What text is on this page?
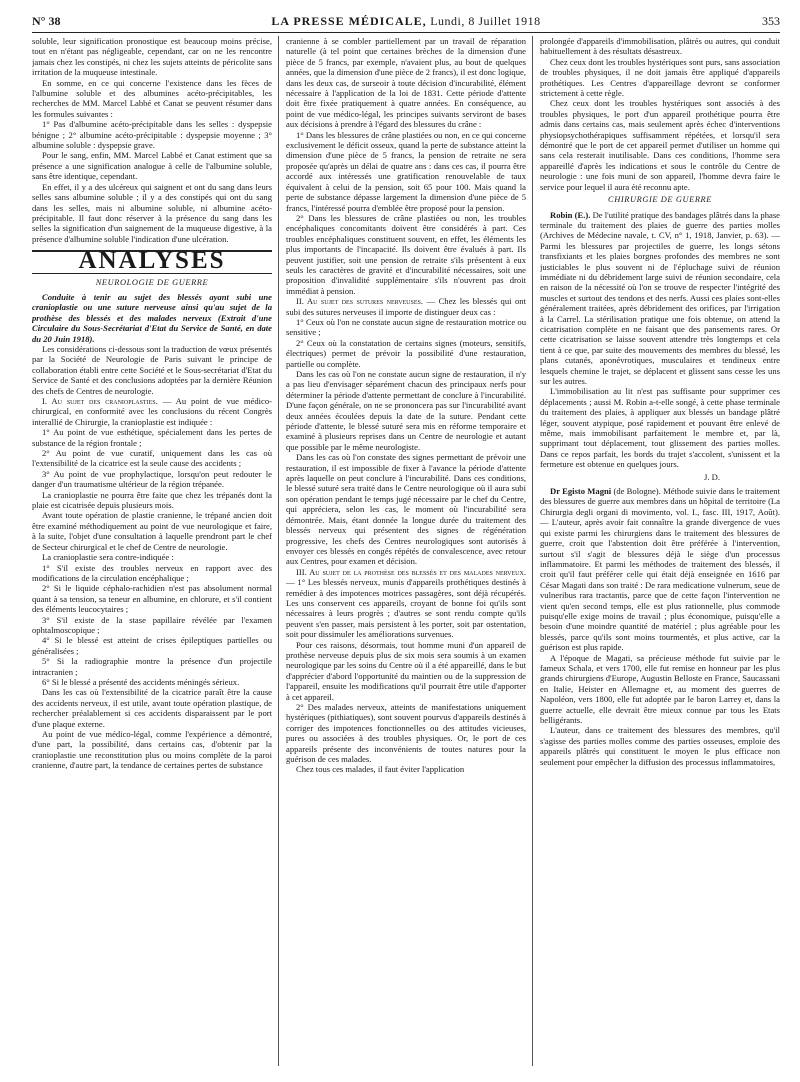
N° 38	LA PRESSE MÉDICALE, Lundi, 8 Juillet 1918	353

soluble, leur signification pronostique est beaucoup moins précise, tout en n'étant pas négligeable, cependant, car on ne les rencontre jamais chez les constipés, ni chez les sujets atteints de péricolite sans irritation de la muqueuse intestinale.

En somme, en ce qui concerne l'existence dans les fèces de l'albumine soluble et des albumines acéto-précipitables, les recherches de MM. Marcel Labbé et Canat se peuvent résumer dans les formules suivantes :

1° Pas d'albumine acéto-précipitable dans les selles : dyspepsie bénigne ; 2° albumine acéto-précipitable : dyspepsie moyenne ; 3° albumine soluble : dyspepsie grave.

Pour le sang, enfin, MM. Marcel Labbé et Canat estiment que sa présence a une signification analogue à celle de l'albumine soluble, sans être identique, cependant.

En effet, il y a des ulcéreux qui saignent et ont du sang dans leurs selles sans albumine soluble ; il y a des constipés qui ont du sang dans les selles, mais ni albumine soluble, ni albumine acéto-précipitable. Il faut donc réserver à la présence du sang dans les selles la signification d'un saignement de la muqueuse digestive, à la présence d'albumine soluble l'indication d'une ulcération.

ANALYSES
NEUROLOGIE DE GUERRE

Conduite à tenir au sujet des blessés ayant subi une cranioplastie ou une suture nerveuse ainsi qu'au sujet de la prothèse des blessés et des malades nerveux (Extrait d'une Circulaire du Sous-Secrétariat d'Etat du Service de Santé, en date du 20 Juin 1918).

Les considérations ci-dessous sont la traduction de vœux présentés par la Société de Neurologie de Paris suivant le principe de collaboration établi entre cette Société et le Sous-secrétariat d'Etat du Service de Santé et des conclusions adoptées par la dernière Réunion des chefs de Centres de neurologie.

I. Au sujet des cranioplasties. — Au point de vue médico-chirurgical, en conformité avec les conclusions du récent Congrès interallié de Chirurgie, la cranioplastie est indiquée :

1° Au point de vue esthétique, spécialement dans les pertes de substance de la région frontale ;

2° Au point de vue curatif, uniquement dans les cas où l'extensibilité de la cicatrice est la seule cause des accidents ;

3° Au point de vue prophylactique, lorsqu'on peut redouter le danger d'un traumatisme ultérieur de la région trépanée.

La cranioplastie ne pourra être faite que chez les trépanés dont la plaie est cicatrisée depuis plusieurs mois.

Avant toute opération de plastie cranienne, le trépané ancien doit être examiné méthodiquement au point de vue neurologique et faire, à la suite, l'objet d'une consultation à laquelle prendront part le chef de Secteur chirurgical et le chef de Centre de neurologie.

La cranioplastie sera contre-indiquée :

1° S'il existe des troubles nerveux en rapport avec des modifications de la circulation encéphalique ;

2° Si le liquide céphalo-rachidien n'est pas absolument normal quant à sa tension, sa teneur en albumine, en chlorure, et s'il contient des éléments leucocytaires ;

3° S'il existe de la stase papillaire révélée par l'examen ophtalmoscopique ;

4° Si le blessé est atteint de crises épileptiques partielles ou généralisées ;

5° Si la radiographie montre la présence d'un projectile intracranien ;

6° Si le blessé a présenté des accidents méningés sérieux.

Dans les cas où l'extensibilité de la cicatrice paraît être la cause des accidents nerveux, il est utile, avant toute opération plastique, de rechercher préalablement si ces accidents disparaissent par le port d'une plaque externe.

Au point de vue médico-légal, comme l'expérience a démontré, d'une part, la possibilité, dans certains cas, d'obtenir par la cranioplastie une reconstitution plus ou moins complète de la paroi cranienne, d'autre part, la tendance de certaines pertes de substance

cranienne à se combler partiellement par un travail de réparation naturelle (à tel point que certaines brèches de la dimension d'une pièce de 5 francs, par exemple, n'avaient plus, au bout de quelques années, que la dimension d'une pièce de 2 francs), il est donc logique, dans les deux cas, de surseoir à toute décision d'incurabilité, élément nécessaire à l'application de la loi de 1831. Cette période d'attente doit être fixée pratiquement à quatre années. En conséquence, au point de vue médico-légal, les principes suivants serviront de bases aux décisions à prendre à l'égard des blessures du crâne :

1° Dans les blessures de crâne plastiées ou non, en ce qui concerne exclusivement le déficit osseux, quand la perte de substance atteint la dimension d'une pièce de 5 francs, la pension de retraite ne sera proposée qu'après un délai de quatre ans : dans ces cas, il pourra être accordé aux intéressés une gratification renouvelable de taux équivalent à celui de la pension, soit 65 pour 100. Mais quand la perte de substance dépasse largement la dimension d'une pièce de 5 francs, l'intéressé pourra d'emblée être proposé pour la pension.

2° Dans les blessures de crâne plastiées ou non, les troubles encéphaliques concomitants doivent être considérés à part. Ces troubles encéphaliques constituent souvent, en effet, les éléments les plus importants de l'incapacité. Ils doivent être évalués à part. Ils peuvent justifier, soit une pension de retraite s'ils présentent à eux seuls les caractères de gravité et d'incurabilité nécessaires, soit une proposition d'invalidité supplémentaire s'ils n'ouvrent pas droit immédiat à pension.

II. Au sujet des sutures nerveuses. — Chez les blessés qui ont subi des sutures nerveuses il importe de distinguer deux cas :

1° Ceux où l'on ne constate aucun signe de restauration motrice ou sensitive ;

2° Ceux où la constatation de certains signes (moteurs, sensitifs, électriques) permet de prévoir la possibilité d'une restauration, partielle ou complète.

Dans les cas où l'on ne constate aucun signe de restauration, il n'y a pas lieu d'envisager séparément chacun des principaux nerfs pour déterminer la période d'attente permettant de conclure à l'incurabilité. D'une façon générale, on ne se prononcera pas sur l'incurabilité avant deux années écoulées depuis la date de la suture. Pendant cette période d'attente, le blessé suturé sera mis en réforme temporaire et examiné à plusieurs reprises dans un Centre de neurologie et autant que possible par le même neurologiste.

Dans les cas où l'on constate des signes permettant de prévoir une restauration, il est impossible de fixer à l'avance la période d'attente après laquelle on peut conclure à l'incurabilité. Dans ces conditions, le blessé suturé sera traité dans le Centre neurologique où il aura subi son opération pendant le temps jugé nécessaire par le chef du Centre, qui appréciera, selon les cas, le moment où l'incurabilité sera démontrée. Mais, étant donnée la longue durée du traitement des blessés nerveux qui présentent des signes de régénération progressive, les chefs des Centres neurologiques sont autorisés à envoyer ces blessés en congés répétés de convalescence, avec retour aux Centres, pour examen et décision.

III. Au sujet de la prothèse des blessés et des malades nerveux. — 1° Les blessés nerveux, munis d'appareils prothétiques destinés à remédier à des impotences motrices passagères, sont déjà récupérés. Les uns conservent ces appareils, croyant de bonne foi qu'ils sont nécessaires à leurs progrès ; d'autres se sont rendu compte qu'ils peuvent s'en passer, mais persistent à les porter, soit par ostentation, soit pour dissimuler les améliorations survenues.

Pour ces raisons, désormais, tout homme muni d'un appareil de prothèse nerveuse depuis plus de six mois sera soumis à un examen neurologique par les soins du Centre où il a été appareillé, dans le but d'apprécier d'abord l'opportunité du maintien ou de la suppression de l'appareil, ensuite les modifications qu'il pourrait être utile d'apporter à cet appareil.

2° Des malades nerveux, atteints de manifestations uniquement hystériques (pithiatiques), sont souvent pourvus d'appareils destinés à corriger des impotences fonctionnelles ou des attitudes vicieuses, pures ou associées à des troubles physiques. Or, le port de ces appareils présente des inconvénients de toutes natures pour la guérison de ces malades.

Chez tous ces malades, il faut éviter l'application

prolongée d'appareils d'immobilisation, plâtrés ou autres, qui conduit habituellement à des résultats désastreux.

Chez ceux dont les troubles hystériques sont purs, sans association de troubles physiques, il ne doit jamais être appliqué d'appareils prothétiques. Les Centres d'appareillage devront se conformer strictement à cette règle.

Chez ceux dont les troubles hystériques sont associés à des troubles physiques, le port d'un appareil prothétique pourra être admis dans certains cas, mais seulement après échec d'interventions physiopsychothérapiques suffisamment répétées, et lorsqu'il sera démontré que le port de cet appareil permet d'utiliser un homme qui sans cela resterait inutilisable. Dans ces conditions, l'homme sera appareillé d'après les indications et sous le contrôle du Centre de neurologie : une fois muni de son appareil, l'homme devra faire le service pour lequel il aura été reconnu apte.

CHIRURGIE DE GUERRE

Robin (E.). De l'utilité pratique des bandages plâtrés dans la phase terminale du traitement des plaies de guerre des parties molles (Archives de Médecine navale, t. CV, n° 1, 1918, Janvier, p. 63). — Parmi les blessures par projectiles de guerre, les longs sétons transfixiants et les plaies borgnes profondes des membres ne sont justiciables le plus souvent ni de l'épluchage suivi de réunion immédiate ni du débridement large suivi de réunion secondaire, cela en raison de la nécessité où l'on se trouve de respecter l'intégrité des muscles et surtout des tendons et des nerfs. Aussi ces plaies sont-elles généralement traitées, après débridement des orifices, par l'irrigation à la Carrel. La stérilisation pratique une fois obtenue, on attend la cicatrisation complète en ne faisant que des pansements rares. Or cette cicatrisation se laisse souvent attendre très longtemps et cela tient à ce que, par suite des mouvements des membres du blessé, les plans cutanés, aponévrotiques, musculaires et tendineux entre lesquels chemine le trajet, se déplacent et glissent sans cesse les uns sur les autres.

L'immobilisation au lit n'est pas suffisante pour supprimer ces déplacements ; aussi M. Robin a-t-elle songé, à cette phase terminale du traitement des plaies, à appliquer aux blessés un bandage plâtré léger, souvent atypique, posé rapidement et pouvant être enlevé de même, mais immobilisant parfaitement le membre et, par là, supprimant tout déplacement, tout glissement des parties molles. Dans ce repos parfait, les bords du trajet s'accolent, s'unissent et la fermeture est obtenue en quelques jours.

J. D.

Dr Egisto Magni (de Bologne). Méthode suivie dans le traitement des blessures de guerre aux membres dans un hôpital de territoire (La Chirurgia degli organi di movimento, vol. I., fasc. III, 1917, Août). — L'auteur, après avoir fait connaître la grande divergence de vues qui existe parmi les chirurgiens dans le traitement des blessures de guerre, croit que l'abstention doit être préférée à l'intervention, surtout s'il s'agit de blessures déjà le siège d'un processus inflammatoire. Et parmi les méthodes de traitement des blessés, il croit qu'il faut préférer celle qui était déjà enseignée en 1616 par César Magati dans son traité : De rara medicatione vulnerum, seue de vulneribus rara tractantis, parce que de cette façon l'intervention ne vient qu'en second temps, elle est plus rationnelle, plus commode puisqu'elle exige moins de travail ; plus économique, puisqu'elle a besoin d'une moindre quantité de matériel ; plus agréable pour les blessés, parce qu'ils sont moins tourmentés, et plus active, car la guérison est plus rapide.

A l'époque de Magati, sa précieuse méthode fut suivie par le fameux Schala, et vers 1700, elle fut remise en honneur par les plus grands chirurgiens d'Europe, Augustin Belloste en France, Saucassani en Italie, Heister en Allemagne et, au moment des guerres de Napoléon, vers 1800, elle fut adoptée par le baron Larrey et, dans la guerre actuelle, elle devrait être mieux connue par tous les Etats belligérants.

L'auteur, dans ce traitement des blessures des membres, qu'il s'agisse des parties molles comme des parties osseuses, emploie des appareils plâtrés qui constituent le moyen le plus efficace non seulement pour empêcher la diffusion des processus inflammatoires,
